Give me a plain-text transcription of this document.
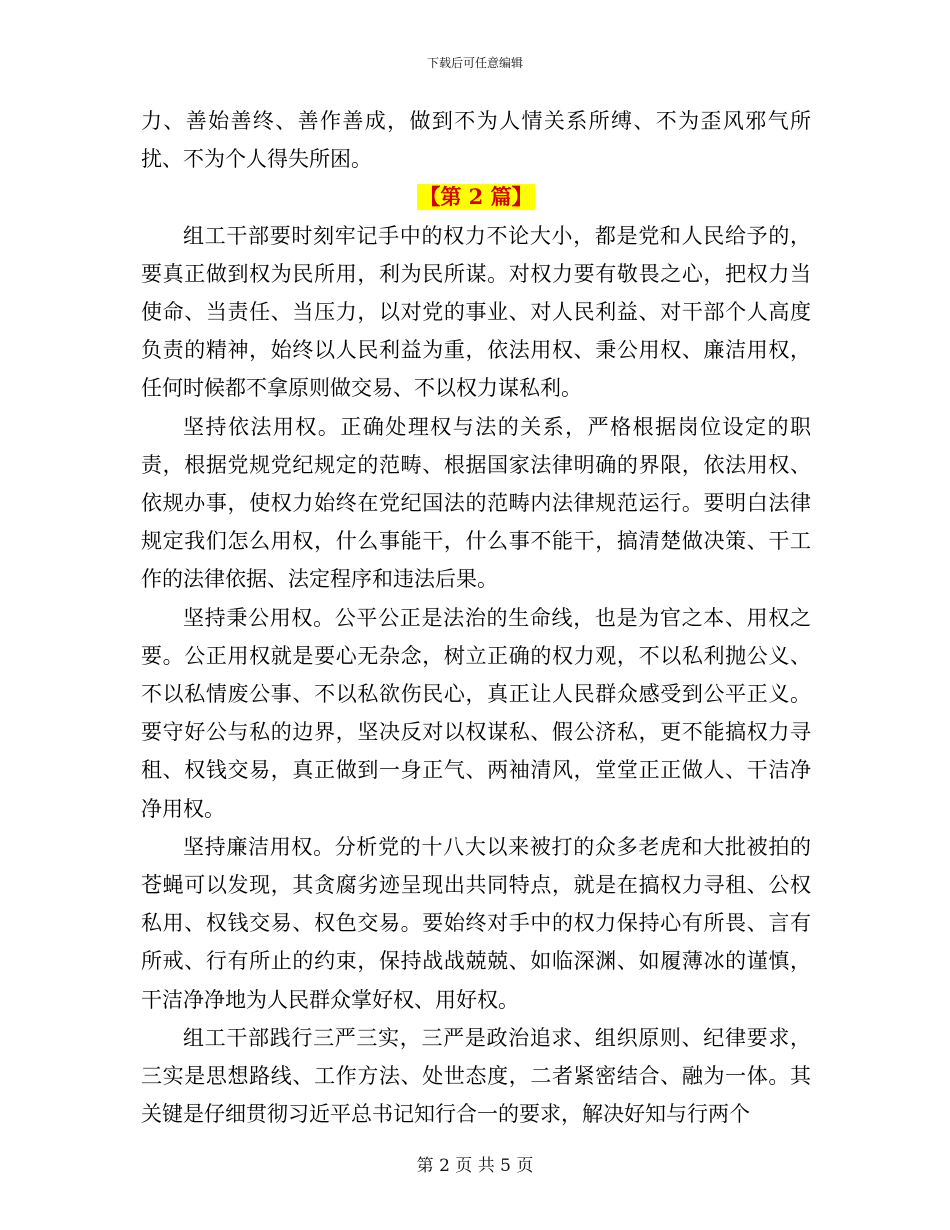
下载后可任意编辑

力、善始善终、善作善成，做到不为人情关系所缚、不为歪风邪气所扰、不为个人得失所困。

【第 2 篇】

组工干部要时刻牢记手中的权力不论大小，都是党和人民给予的，要真正做到权为民所用，利为民所谋。对权力要有敬畏之心，把权力当使命、当责任、当压力，以对党的事业、对人民利益、对干部个人高度负责的精神，始终以人民利益为重，依法用权、秉公用权、廉洁用权，任何时候都不拿原则做交易、不以权力谋私利。

坚持依法用权。正确处理权与法的关系，严格根据岗位设定的职责，根据党规党纪规定的范畴、根据国家法律明确的界限，依法用权、依规办事，使权力始终在党纪国法的范畴内法律规范运行。要明白法律规定我们怎么用权，什么事能干，什么事不能干，搞清楚做决策、干工作的法律依据、法定程序和违法后果。

坚持秉公用权。公平公正是法治的生命线，也是为官之本、用权之要。公正用权就是要心无杂念，树立正确的权力观，不以私利抛公义、不以私情废公事、不以私欲伤民心，真正让人民群众感受到公平正义。要守好公与私的边界，坚决反对以权谋私、假公济私，更不能搞权力寻租、权钱交易，真正做到一身正气、两袖清风，堂堂正正做人、干洁净净用权。

坚持廉洁用权。分析党的十八大以来被打的众多老虎和大批被拍的苍蝇可以发现，其贪腐劣迹呈现出共同特点，就是在搞权力寻租、公权私用、权钱交易、权色交易。要始终对手中的权力保持心有所畏、言有所戒、行有所止的约束，保持战战兢兢、如临深渊、如履薄冰的谨慎，干洁净净地为人民群众掌好权、用好权。

组工干部践行三严三实，三严是政治追求、组织原则、纪律要求，三实是思想路线、工作方法、处世态度，二者紧密结合、融为一体。其关键是仔细贯彻习近平总书记知行合一的要求，解决好知与行两个

第 2 页 共 5 页
